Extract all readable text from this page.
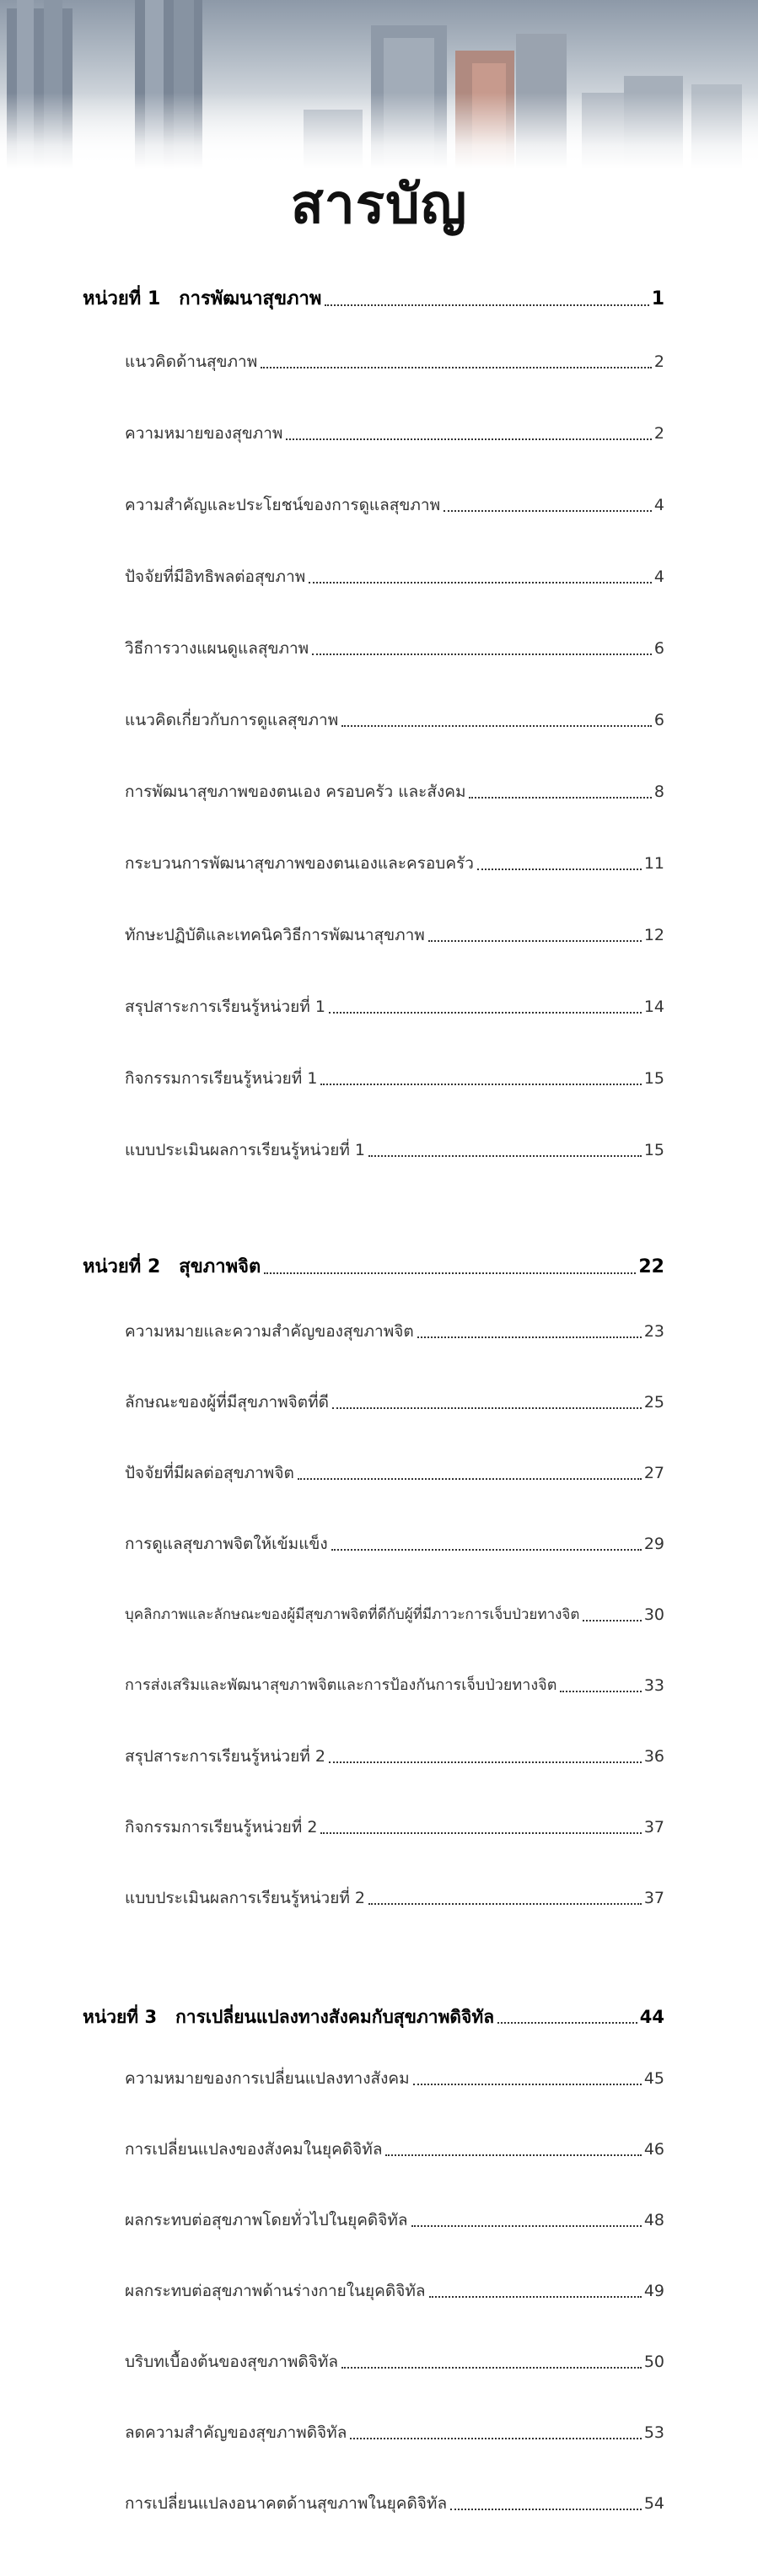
สารบัญ
หน่วยที่ 1 การพัฒนาสุขภาพ	1
แนวคิดด้านสุขภาพ	2
ความหมายของสุขภาพ	2
ความสำคัญและประโยชน์ของการดูแลสุขภาพ	4
ปัจจัยที่มีอิทธิพลต่อสุขภาพ	4
วิธีการวางแผนดูแลสุขภาพ	6
แนวคิดเกี่ยวกับการดูแลสุขภาพ	6
การพัฒนาสุขภาพของตนเอง ครอบครัว และสังคม	8
กระบวนการพัฒนาสุขภาพของตนเองและครอบครัว	11
ทักษะปฏิบัติและเทคนิควิธีการพัฒนาสุขภาพ	12
สรุปสาระการเรียนรู้หน่วยที่ 1	14
กิจกรรมการเรียนรู้หน่วยที่ 1	15
แบบประเมินผลการเรียนรู้หน่วยที่ 1	15
หน่วยที่ 2 สุขภาพจิต	22
ความหมายและความสำคัญของสุขภาพจิต	23
ลักษณะของผู้ที่มีสุขภาพจิตที่ดี	25
ปัจจัยที่มีผลต่อสุขภาพจิต	27
การดูแลสุขภาพจิตให้เข้มแข็ง	29
บุคลิกภาพและลักษณะของผู้มีสุขภาพจิตที่ดีกับผู้ที่มีภาวะการเจ็บป่วยทางจิต	30
การส่งเสริมและพัฒนาสุขภาพจิตและการป้องกันการเจ็บป่วยทางจิต	33
สรุปสาระการเรียนรู้หน่วยที่ 2	36
กิจกรรมการเรียนรู้หน่วยที่ 2	37
แบบประเมินผลการเรียนรู้หน่วยที่ 2	37
หน่วยที่ 3 การเปลี่ยนแปลงทางสังคมกับสุขภาพดิจิทัล	44
ความหมายของการเปลี่ยนแปลงทางสังคม	45
การเปลี่ยนแปลงของสังคมในยุคดิจิทัล	46
ผลกระทบต่อสุขภาพโดยทั่วไปในยุคดิจิทัล	48
ผลกระทบต่อสุขภาพด้านร่างกายในยุคดิจิทัล	49
บริบทเบื้องต้นของสุขภาพดิจิทัล	50
ลดความสำคัญของสุขภาพดิจิทัล	53
การเปลี่ยนแปลงอนาคตด้านสุขภาพในยุคดิจิทัล	54
